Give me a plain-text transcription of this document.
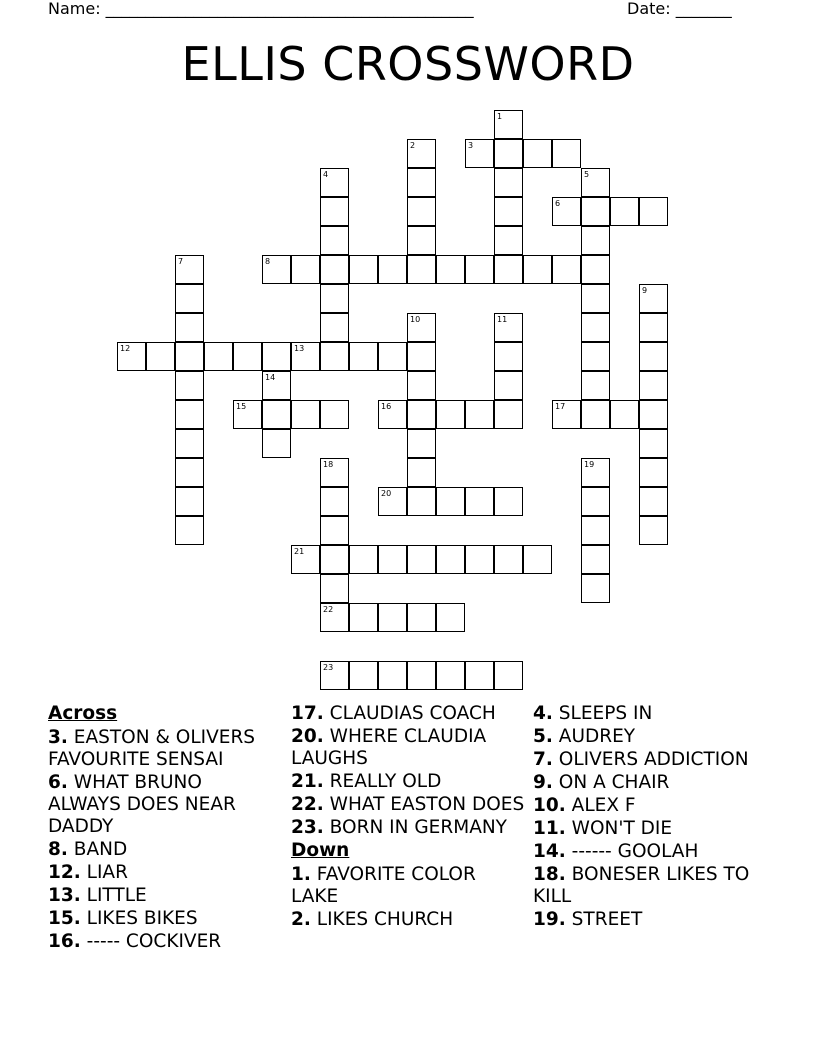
Name: ______________________________________________	Date: _______
ELLIS CROSSWORD
1
2	3
4	5
6
7	8
9
10	11
12	13
14
15	16	17
18
22
19
20
21
23
Across
3. EASTON & OLIVERS FAVOURITE SENSAI
6. WHAT BRUNO ALWAYS DOES NEAR DADDY
8. BAND
12. LIAR
13. LITTLE
15. LIKES BIKES
16. ----- COCKIVER
17. CLAUDIAS COACH
20. WHERE CLAUDIA LAUGHS
21. REALLY OLD
22. WHAT EASTON DOES
23. BORN IN GERMANY
Down
1. FAVORITE COLOR LAKE
2. LIKES CHURCH
4. SLEEPS IN
5. AUDREY
7. OLIVERS ADDICTION
9. ON A CHAIR
10. ALEX F
11. WON'T DIE
14. ------ GOOLAH
18. BONESER LIKES TO KILL
19. STREET
